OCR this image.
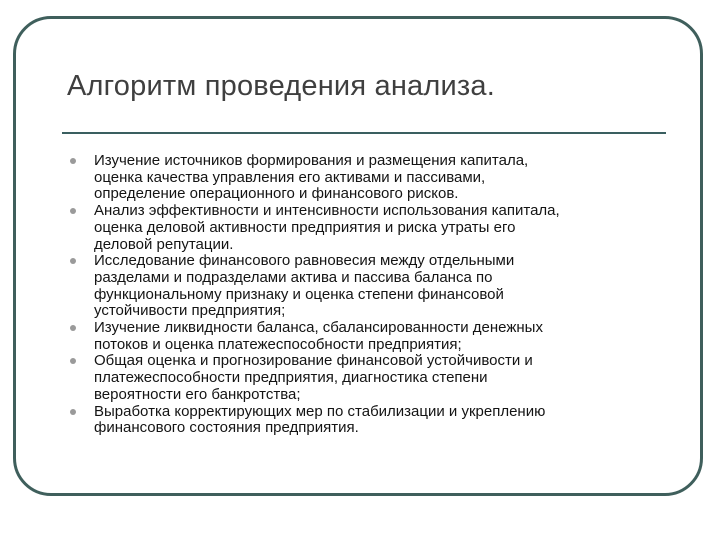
Алгоритм проведения анализа.
Изучение источников формирования и размещения капитала,
оценка качества управления его активами и пассивами,
определение операционного и финансового рисков.
Анализ эффективности и интенсивности использования капитала,
оценка деловой активности предприятия и риска утраты его
деловой репутации.
Исследование финансового равновесия между отдельными
разделами и подразделами актива и пассива баланса по
функциональному признаку и оценка степени финансовой
устойчивости предприятия;
Изучение ликвидности баланса, сбалансированности денежных
потоков и оценка платежеспособности предприятия;
Общая оценка и прогнозирование финансовой устойчивости и
платежеспособности предприятия, диагностика степени
вероятности его банкротства;
Выработка корректирующих мер по стабилизации и укреплению
финансового состояния предприятия.
